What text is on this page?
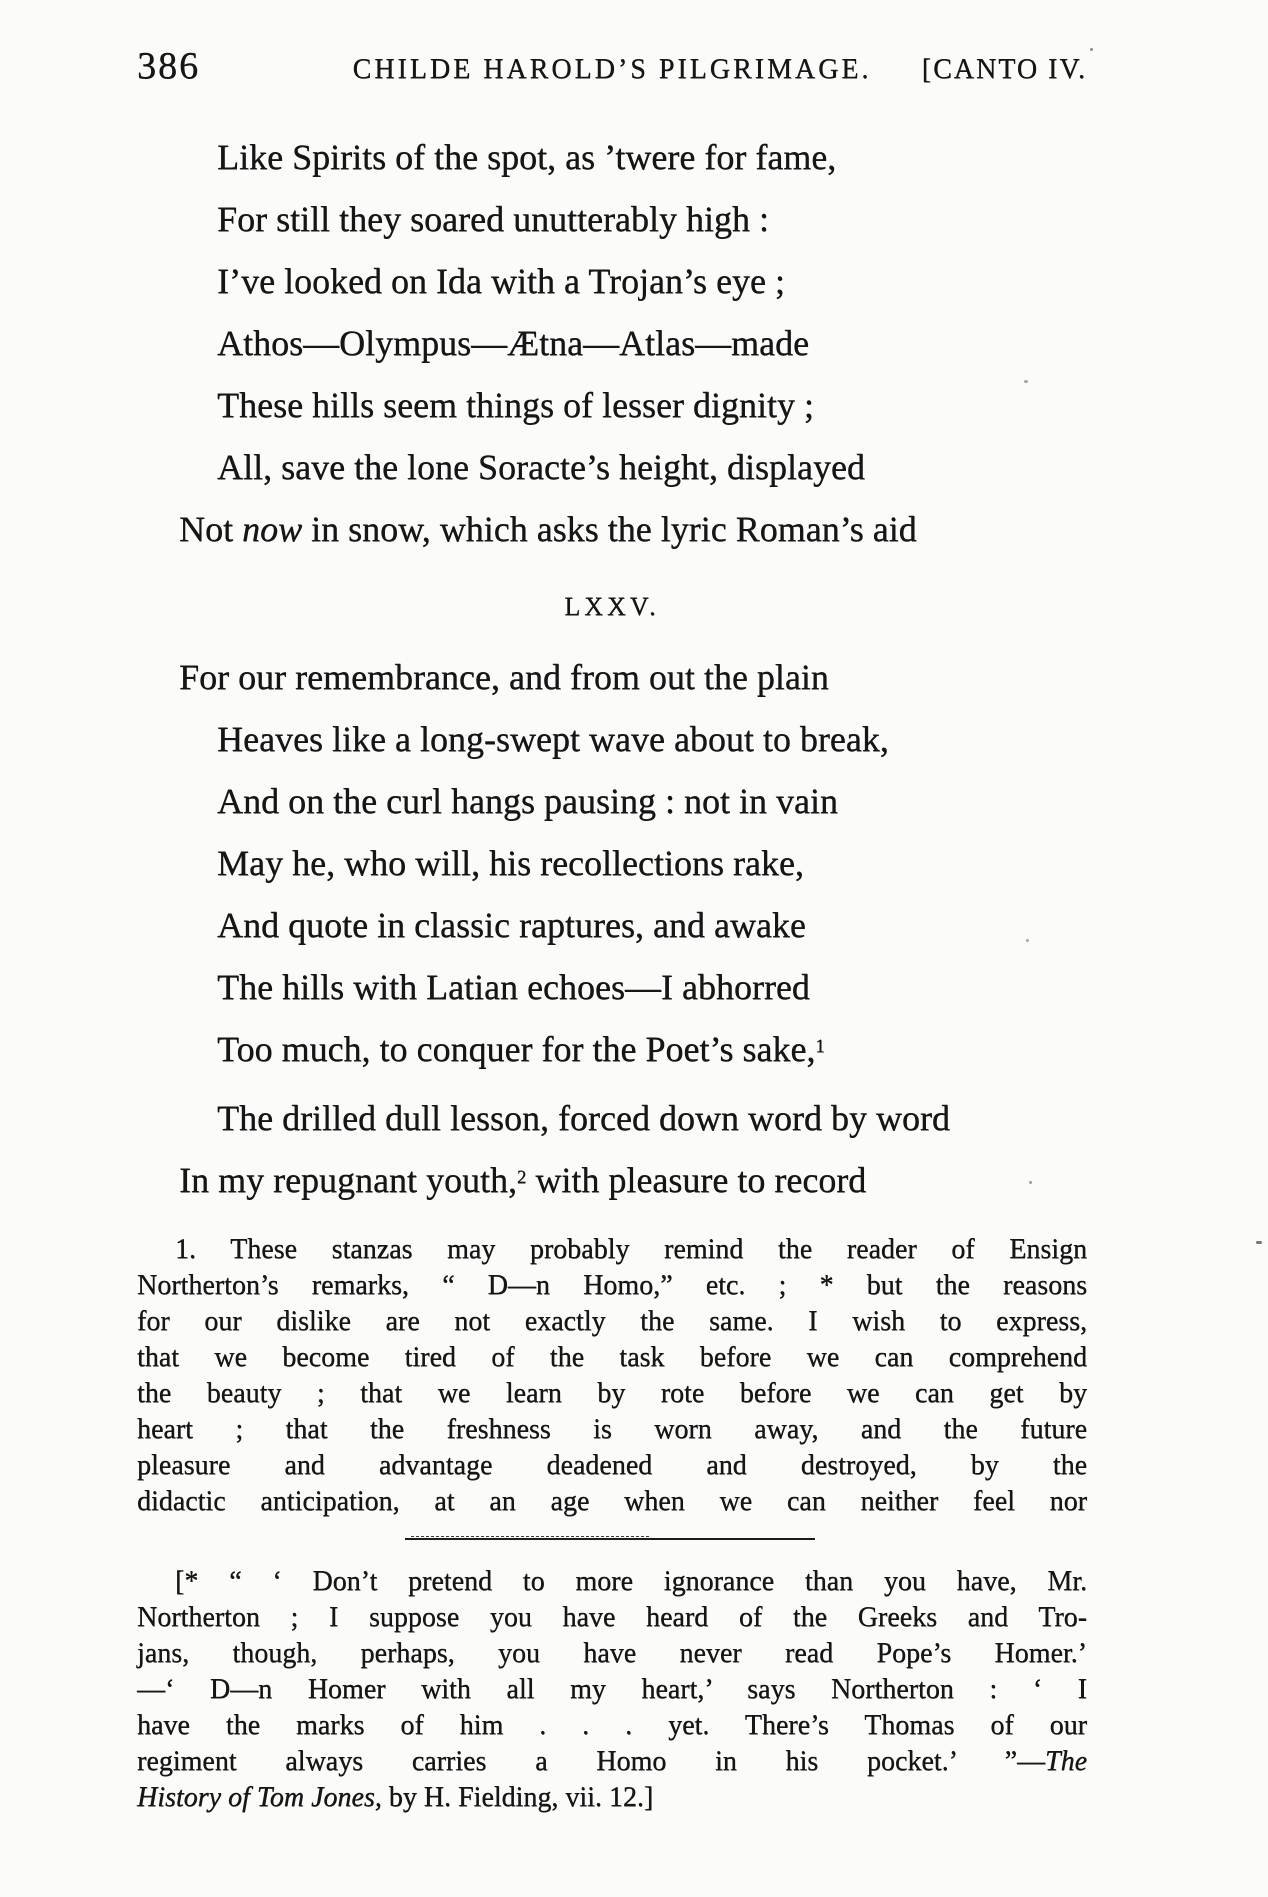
386	CHILDE HAROLD’S PILGRIMAGE.	[CANTO IV.
Like Spirits of the spot, as ’twere for fame,
For still they soared unutterably high :
I’ve looked on Ida with a Trojan’s eye ;
Athos—Olympus—Ætna—Atlas—made
These hills seem things of lesser dignity ;
All, save the lone Soracte’s height, displayed
Not now in snow, which asks the lyric Roman’s aid
LXXV.
For our remembrance, and from out the plain
Heaves like a long-swept wave about to break,
And on the curl hangs pausing : not in vain
May he, who will, his recollections rake,
And quote in classic raptures, and awake
The hills with Latian echoes—I abhorred
Too much, to conquer for the Poet’s sake,$^1$
The drilled dull lesson, forced down word by word
In my repugnant youth,$^2$ with pleasure to record
1. These stanzas may probably remind the reader of Ensign
Northerton’s remarks, “ D—n Homo,” etc. ; * but the reasons
for our dislike are not exactly the same. I wish to express,
that we become tired of the task before we can comprehend
the beauty ; that we learn by rote before we can get by
heart ; that the freshness is worn away, and the future
pleasure and advantage deadened and destroyed, by the
didactic anticipation, at an age when we can neither feel nor
[* “ ‘ Don’t pretend to more ignorance than you have, Mr.
Northerton ; I suppose you have heard of the Greeks and Tro-
jans, though, perhaps, you have never read Pope’s Homer.’
—‘ D—n Homer with all my heart,’ says Northerton : ‘ I
have the marks of him . . . yet. There’s Thomas of our
regiment always carries a Homo in his pocket.’ ”—The
History of Tom Jones, by H. Fielding, vii. 12.]
